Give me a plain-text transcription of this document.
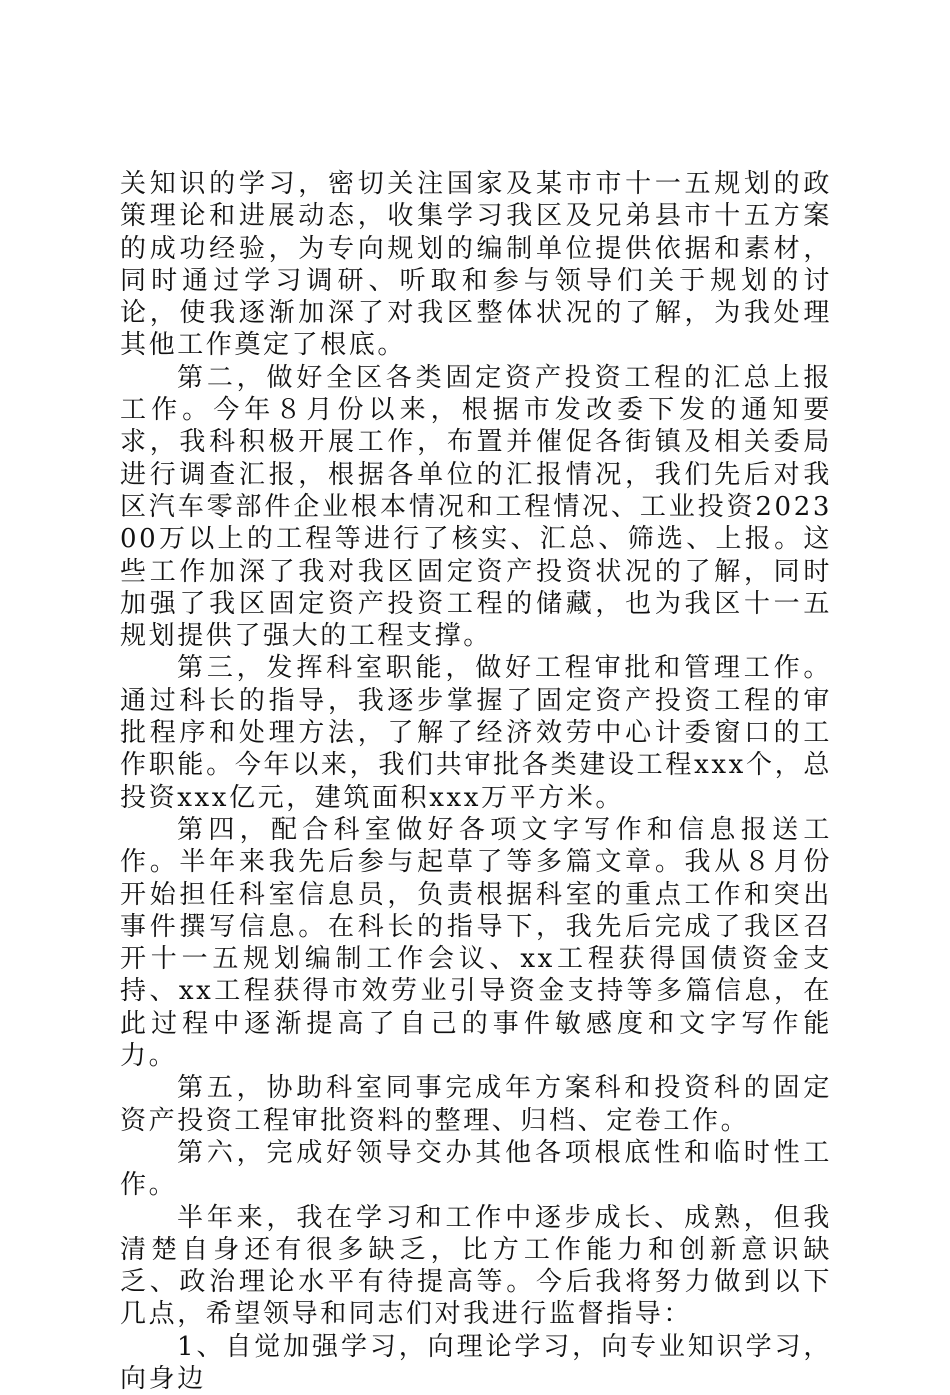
关知识的学习，密切关注国家及某市市十一五规划的政策理论和进展动态，收集学习我区及兄弟县市十五方案的成功经验，为专向规划的编制单位提供依据和素材，同时通过学习调研、听取和参与领导们关于规划的讨论，使我逐渐加深了对我区整体状况的了解，为我处理其他工作奠定了根底。

第二，做好全区各类固定资产投资工程的汇总上报工作。今年８月份以来，根据市发改委下发的通知要求，我科积极开展工作，布置并催促各街镇及相关委局进行调查汇报，根据各单位的汇报情况，我们先后对我区汽车零部件企业根本情况和工程情况、工业投资202300万以上的工程等进行了核实、汇总、筛选、上报。这些工作加深了我对我区固定资产投资状况的了解，同时加强了我区固定资产投资工程的储藏，也为我区十一五规划提供了强大的工程支撑。

第三，发挥科室职能，做好工程审批和管理工作。通过科长的指导，我逐步掌握了固定资产投资工程的审批程序和处理方法，了解了经济效劳中心计委窗口的工作职能。今年以来，我们共审批各类建设工程xxx个，总投资xxx亿元，建筑面积xxx万平方米。

第四，配合科室做好各项文字写作和信息报送工作。半年来我先后参与起草了等多篇文章。我从８月份开始担任科室信息员，负责根据科室的重点工作和突出事件撰写信息。在科长的指导下，我先后完成了我区召开十一五规划编制工作会议、xx工程获得国债资金支持、xx工程获得市效劳业引导资金支持等多篇信息，在此过程中逐渐提高了自己的事件敏感度和文字写作能力。

第五，协助科室同事完成年方案科和投资科的固定资产投资工程审批资料的整理、归档、定卷工作。

第六，完成好领导交办其他各项根底性和临时性工作。

半年来，我在学习和工作中逐步成长、成熟，但我清楚自身还有很多缺乏，比方工作能力和创新意识缺乏、政治理论水平有待提高等。今后我将努力做到以下几点，希望领导和同志们对我进行监督指导：

1、自觉加强学习，向理论学习，向专业知识学习，向身边
